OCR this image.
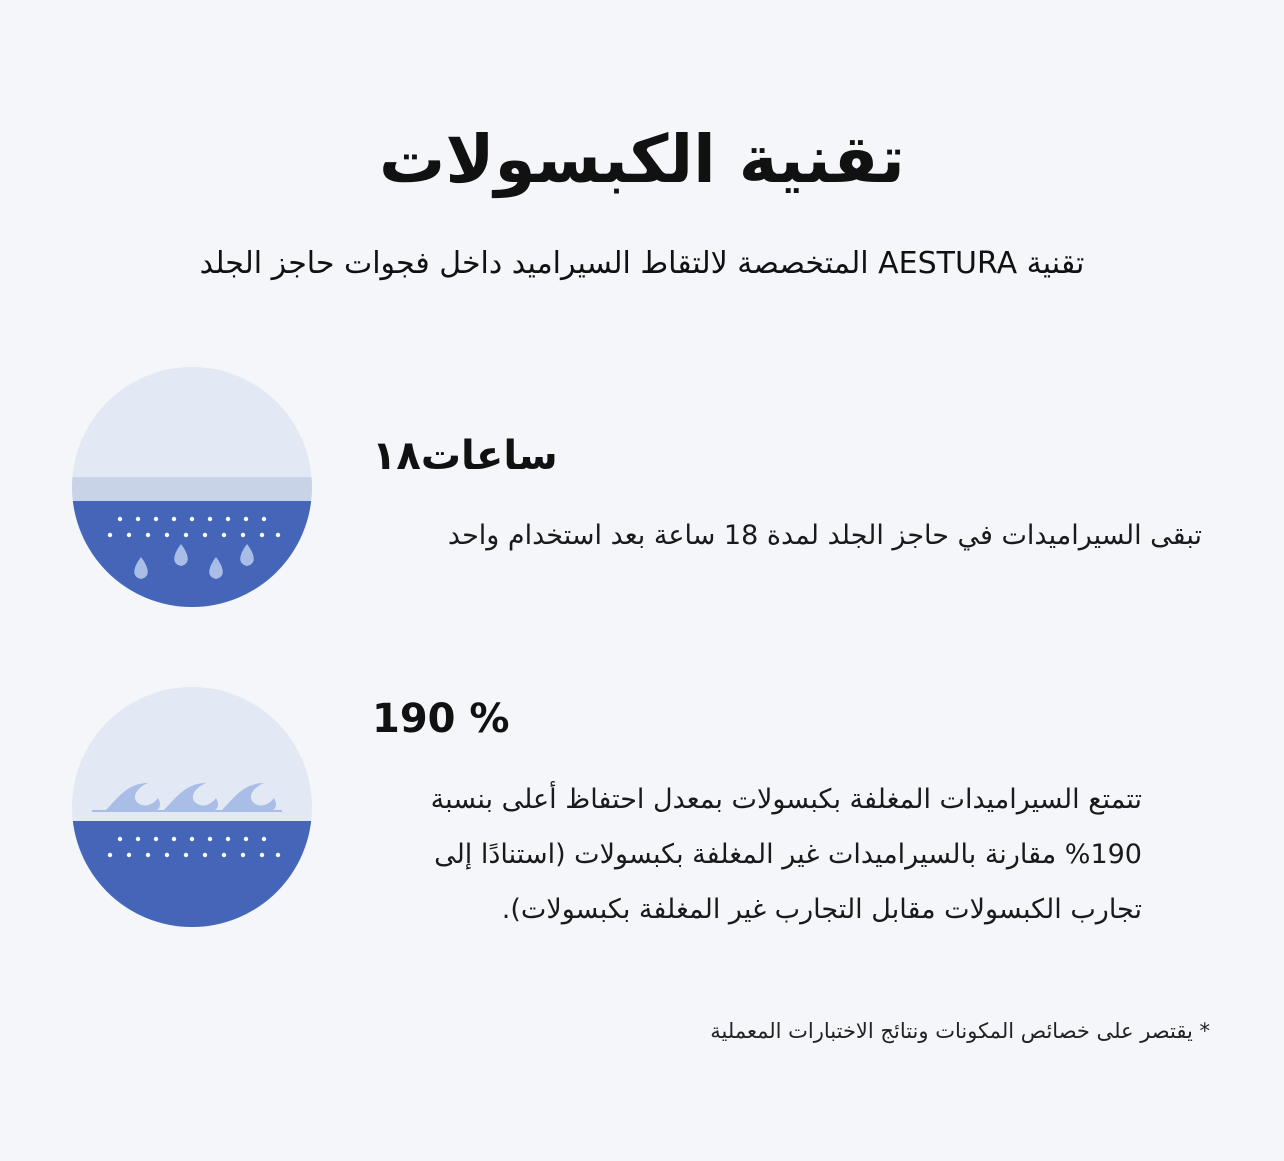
تقنية الكبسولات
تقنية AESTURA المتخصصة لالتقاط السيراميد داخل فجوات حاجز الجلد
ساعات١٨
تبقى السيراميدات في حاجز الجلد لمدة 18 ساعة بعد استخدام واحد
190 %
تتمتع السيراميدات المغلفة بكبسولات بمعدل احتفاظ أعلى بنسبة 190% مقارنة بالسيراميدات غير المغلفة بكبسولات (استنادًا إلى تجارب الكبسولات مقابل التجارب غير المغلفة بكبسولات).
* يقتصر على خصائص المكونات ونتائج الاختبارات المعملية
